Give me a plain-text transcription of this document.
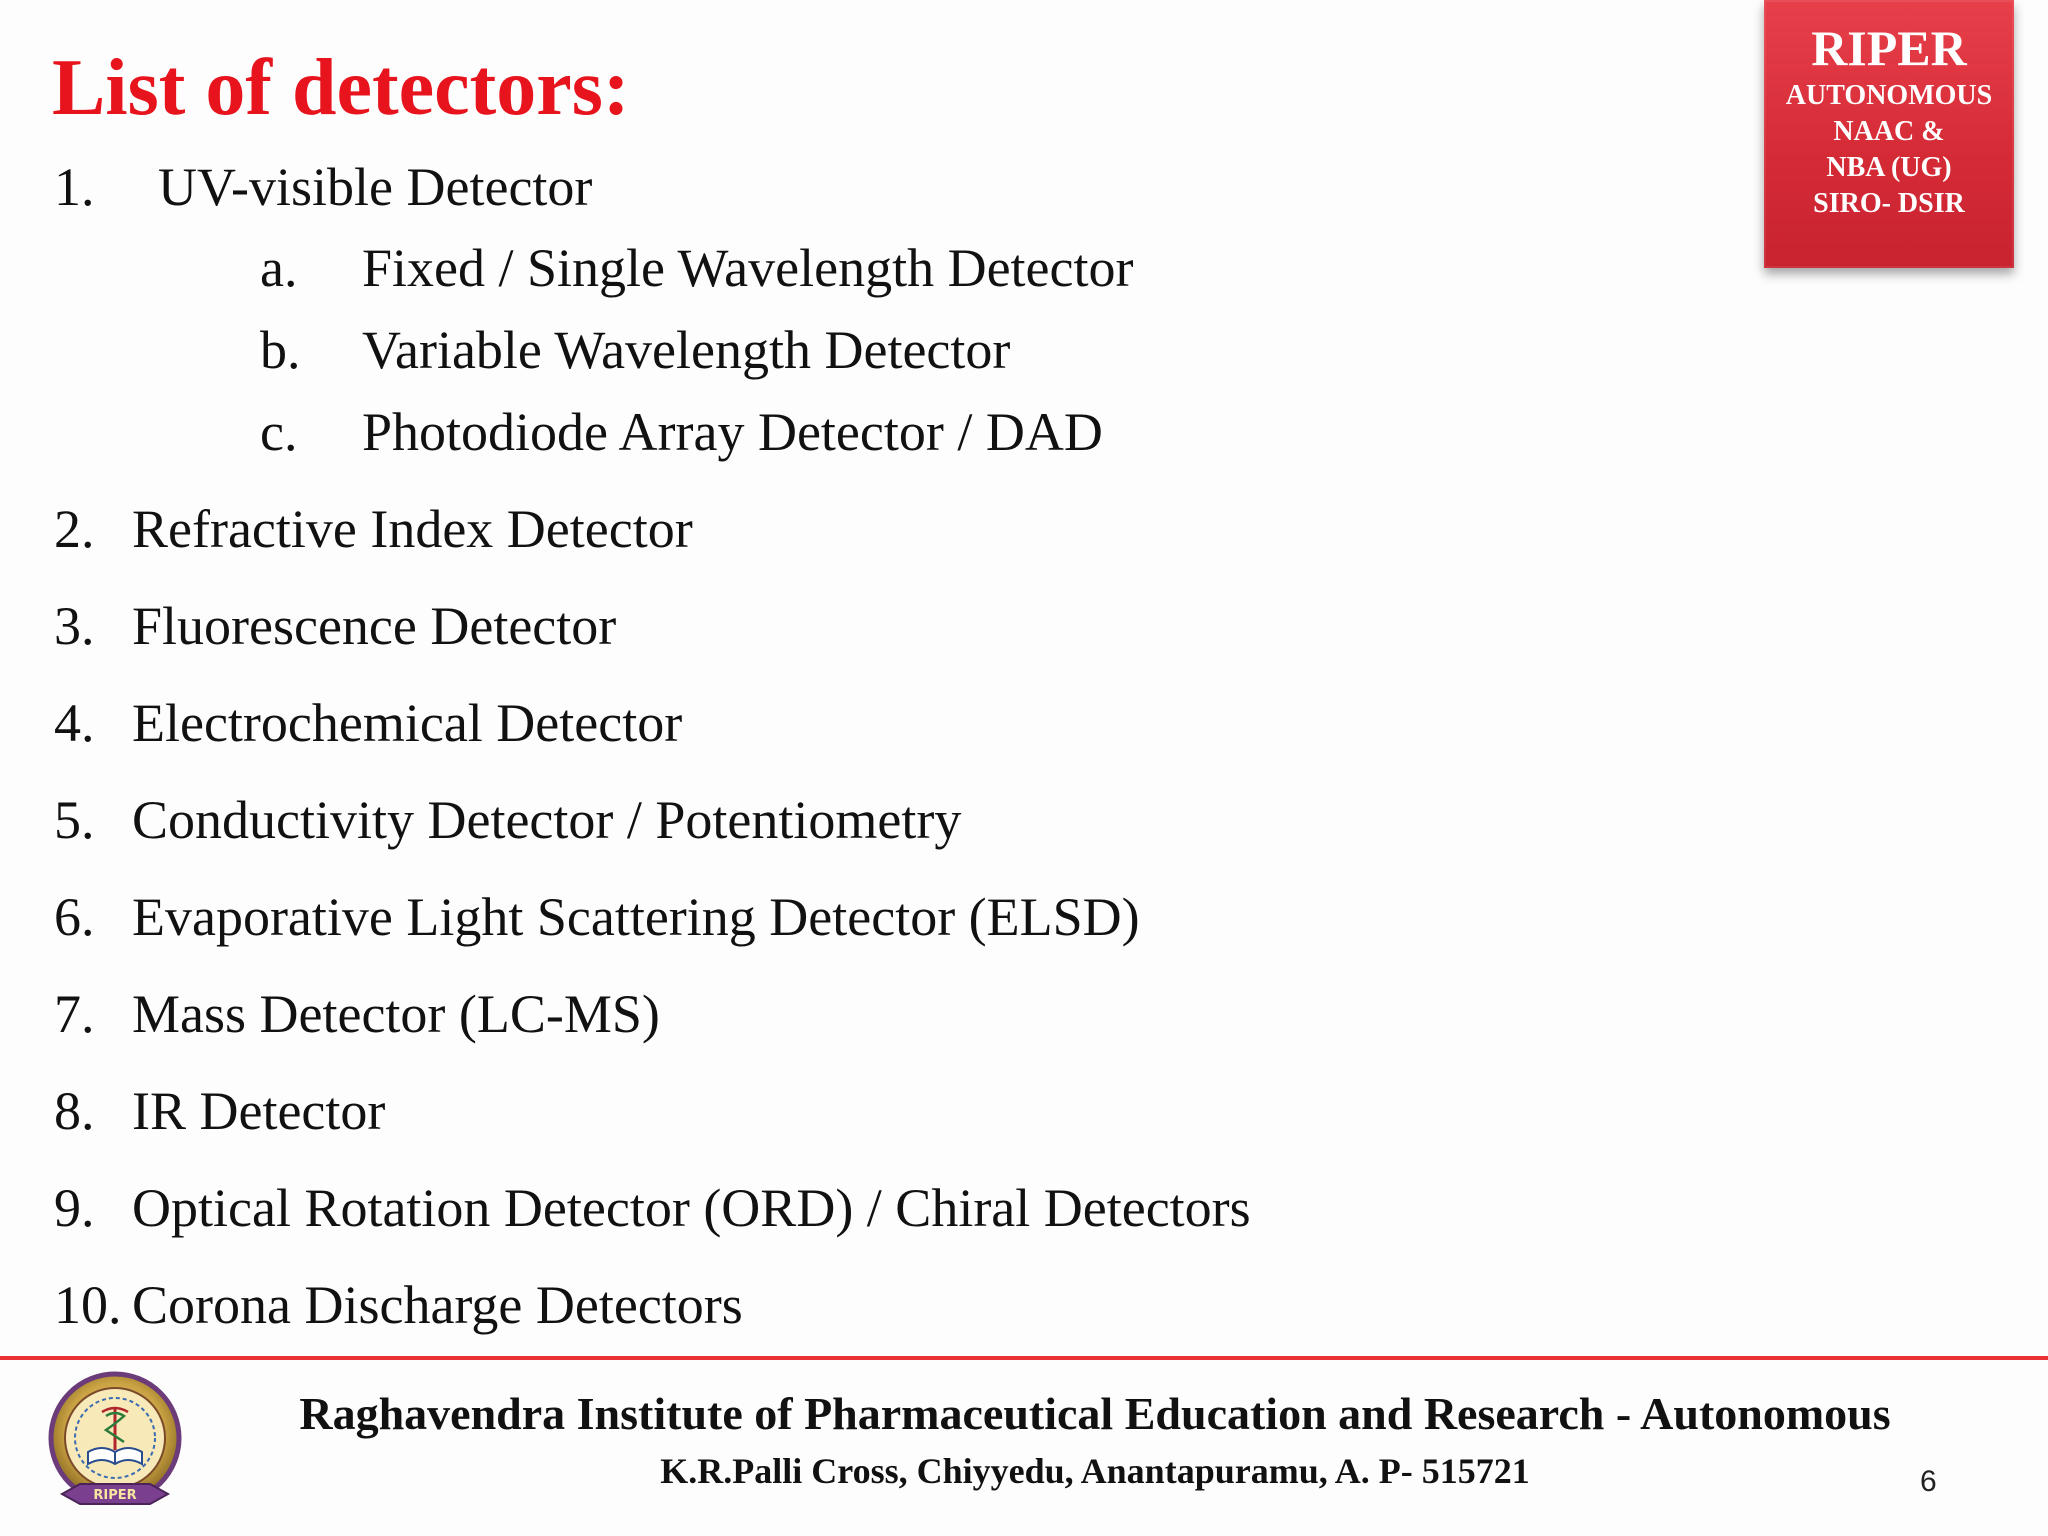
List of detectors:	RIPER
AUTONOMOUS
NAAC &
NBA (UG)
SIRO- DSIR
1. UV-visible Detector
a. Fixed / Single Wavelength Detector
b. Variable Wavelength Detector
c. Photodiode Array Detector / DAD
2. Refractive Index Detector
3. Fluorescence Detector
4. Electrochemical Detector
5. Conductivity Detector / Potentiometry
6. Evaporative Light Scattering Detector (ELSD)
7. Mass Detector (LC-MS)
8. IR Detector
9. Optical Rotation Detector (ORD) / Chiral Detectors
10. Corona Discharge Detectors
RIPER
Raghavendra Institute of Pharmaceutical Education and Research - Autonomous
K.R.Palli Cross, Chiyyedu, Anantapuramu, A. P- 515721	6
